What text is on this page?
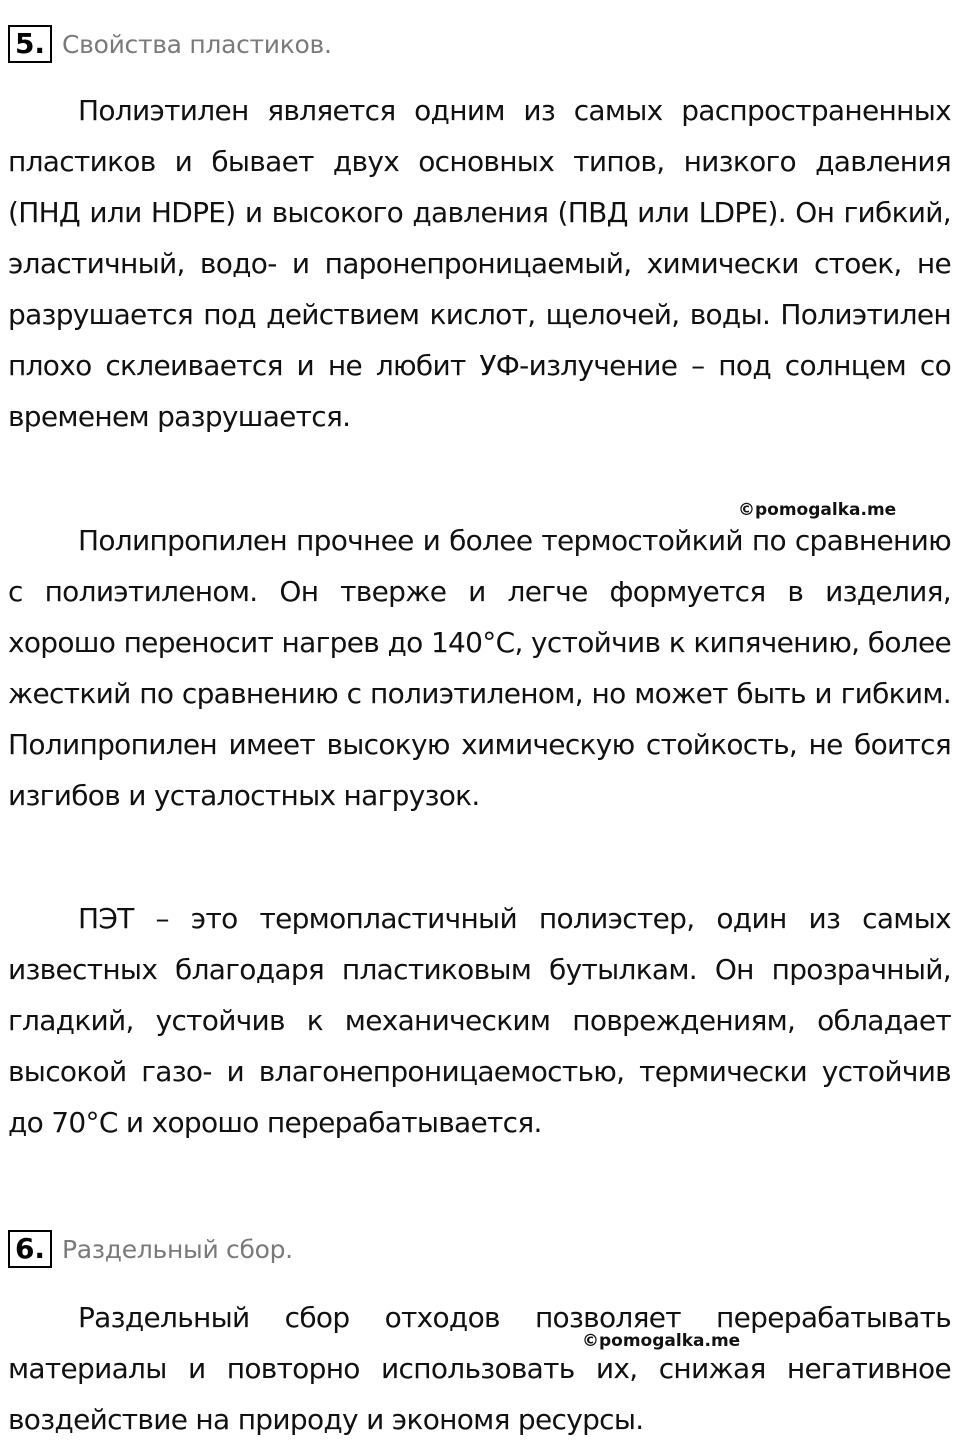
5. Свойства пластиков.

Полиэтилен является одним из самых распространенных пластиков и бывает двух основных типов, низкого давления (ПНД или HDPE) и высокого давления (ПВД или LDPE). Он гибкий, эластичный, водо- и паронепроницаемый, химически стоек, не разрушается под действием кислот, щелочей, воды. Полиэтилен плохо склеивается и не любит УФ-излучение – под солнцем со временем разрушается.

©pomogalka.me

Полипропилен прочнее и более термостойкий по сравнению с полиэтиленом. Он тверже и легче формуется в изделия, хорошо переносит нагрев до 140°С, устойчив к кипячению, более жесткий по сравнению с полиэтиленом, но может быть и гибким. Полипропилен имеет высокую химическую стойкость, не боится изгибов и усталостных нагрузок.

ПЭТ – это термопластичный полиэстер, один из самых известных благодаря пластиковым бутылкам. Он прозрачный, гладкий, устойчив к механическим повреждениям, обладает высокой газо- и влагонепроницаемостью, термически устойчив до 70°С и хорошо перерабатывается.

6. Раздельный сбор.

Раздельный сбор отходов позволяет перерабатывать материалы и повторно использовать их, снижая негативное воздействие на природу и экономя ресурсы.

©pomogalka.me
